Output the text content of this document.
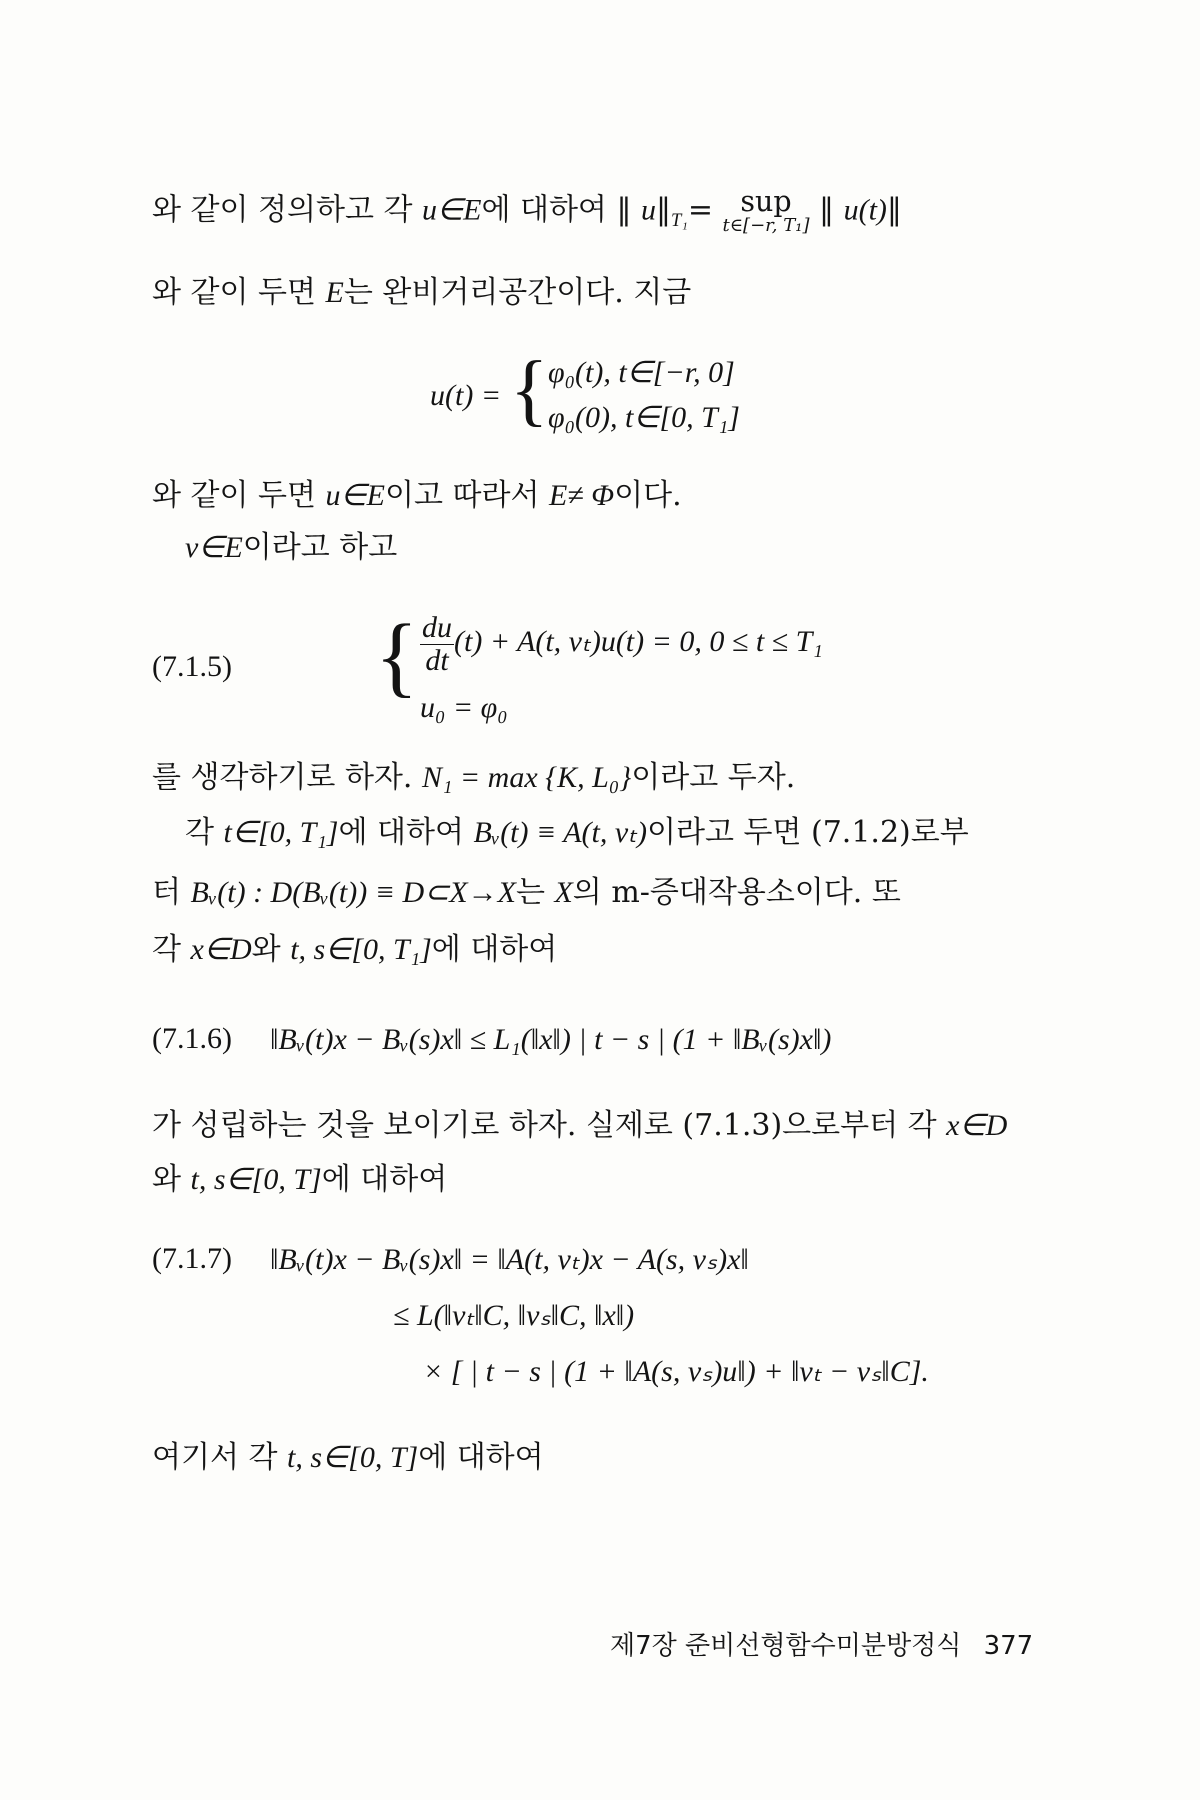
와 같이 정의하고 각 u∈E에 대하여 ‖ $u‖_{T_1}=$ sup
t∈[−r, T₁] ‖ u(t)‖
와 같이 두면 E는 완비거리공간이다. 지금
u(t) = { φ₀(t), t∈[−r, 0]
φ₀(0), t∈[0, T₁]
와 같이 두면 u∈E이고 따라서 E≠ Φ이다.
v∈E이라고 하고
(7.1.5) { $\frac{du}{dt} (t) + A(t$, vₜ)u(t) = 0, 0 ≤ t ≤ T₁
u₀ = φ₀
를 생각하기로 하자. N₁ = max {K, L₀}이라고 두자.
각 t∈[0, T₁]에 대하여 Bᵥ(t) ≡ A(t, vₜ)이라고 두면 (7.1.2)로부
터 Bᵥ(t) : D(Bᵥ(t)) ≡ D⊂X→X는 X의 m-증대작용소이다. 또
각 x∈D와 t, s∈[0, T₁]에 대하여
(7.1.6) ‖Bᵥ(t)x − Bᵥ(s)x‖ ≤ L₁(‖x‖) | t − s | (1 + ‖Bᵥ(s)x‖)
가 성립하는 것을 보이기로 하자. 실제로 (7.1.3)으로부터 각 x∈D
와 t, s∈[0, T]에 대하여
(7.1.7) ‖Bᵥ(t)x − Bᵥ(s)x‖ = ‖A(t, vₜ)x − A(s, vₛ)x‖
≤ L(‖vₜ‖C, ‖vₛ‖C, ‖x‖)
× [ | t − s | (1 + ‖A(s, vₛ)u‖) + ‖vₜ − vₛ‖C].
여기서 각 t, s∈[0, T]에 대하여
제7장 준비선형함수미분방정식 377
